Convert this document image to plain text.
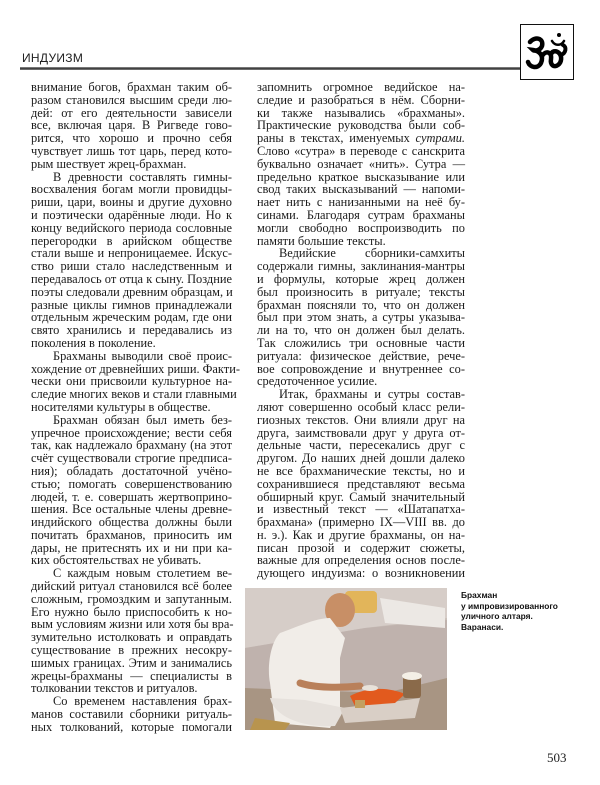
ИНДУИЗМ
внимание богов, брахман таким об-
разом становился высшим среди лю-
дей: от его деятельности зависели
все, включая царя. В Ригведе гово-
рится, что хорошо и прочно себя
чувствует лишь тот царь, перед кото-
рым шествует жрец-брахман.
В древности составлять гимны-
восхваления богам могли провидцы-
риши, цари, воины и другие духовно
и поэтически одарённые люди. Но к
концу ведийского периода сословные
перегородки в арийском обществе
стали выше и непроницаемее. Искус-
ство риши стало наследственным и
передавалось от отца к сыну. Поздние
поэты следовали древним образцам, и
разные циклы гимнов принадлежали
отдельным жреческим родам, где они
свято хранились и передавались из
поколения в поколение.
Брахманы выводили своё проис-
хождение от древнейших риши. Факти-
чески они присвоили культурное на-
следие многих веков и стали главными
носителями культуры в обществе.
Брахман обязан был иметь без-
упречное происхождение; вести себя
так, как надлежало брахману (на этот
счёт существовали строгие предписа-
ния); обладать достаточной учёно-
стью; помогать совершенствованию
людей, т. е. совершать жертвоприно-
шения. Все остальные члены древне-
индийского общества должны были
почитать брахманов, приносить им
дары, не притеснять их и ни при ка-
ких обстоятельствах не убивать.
С каждым новым столетием ве-
дийский ритуал становился всё более
сложным, громоздким и запутанным.
Его нужно было приспособить к но-
вым условиям жизни или хотя бы вра-
зумительно истолковать и оправдать
существование в прежних несокру-
шимых границах. Этим и занимались
жрецы-брахманы — специалисты в
толковании текстов и ритуалов.
Со временем наставления брах-
манов составили сборники ритуаль-
ных толкований, которые помогали
запомнить огромное ведийское на-
следие и разобраться в нём. Сборни-
ки также назывались «брахманы».
Практические руководства были соб-
раны в текстах, именуемых сутрами.
Слово «сутра» в переводе с санскрита
буквально означает «нить». Сутра —
предельно краткое высказывание или
свод таких высказываний — напоми-
нает нить с нанизанными на неё бу-
синами. Благодаря сутрам брахманы
могли свободно воспроизводить по
памяти большие тексты.
Ведийские сборники-самхиты
содержали гимны, заклинания-мантры
и формулы, которые жрец должен
был произносить в ритуале; тексты
брахман поясняли то, что он должен
был при этом знать, а сутры указыва-
ли на то, что он должен был делать.
Так сложились три основные части
ритуала: физическое действие, рече-
вое сопровождение и внутреннее со-
средоточенное усилие.
Итак, брахманы и сутры состав-
ляют совершенно особый класс рели-
гиозных текстов. Они влияли друг на
друга, заимствовали друг у друга от-
дельные части, пересекались друг с
другом. До наших дней дошли далеко
не все брахманические тексты, но и
сохранившиеся представляют весьма
обширный круг. Самый значительный
и известный текст — «Шатапатха-
брахмана» (примерно IX—VIII вв. до
н. э.). Как и другие брахманы, он на-
писан прозой и содержит сюжеты,
важные для определения основ после-
дующего индуизма: о возникновении
Брахман
у импровизированного
уличного алтаря.
Варанаси.
503
